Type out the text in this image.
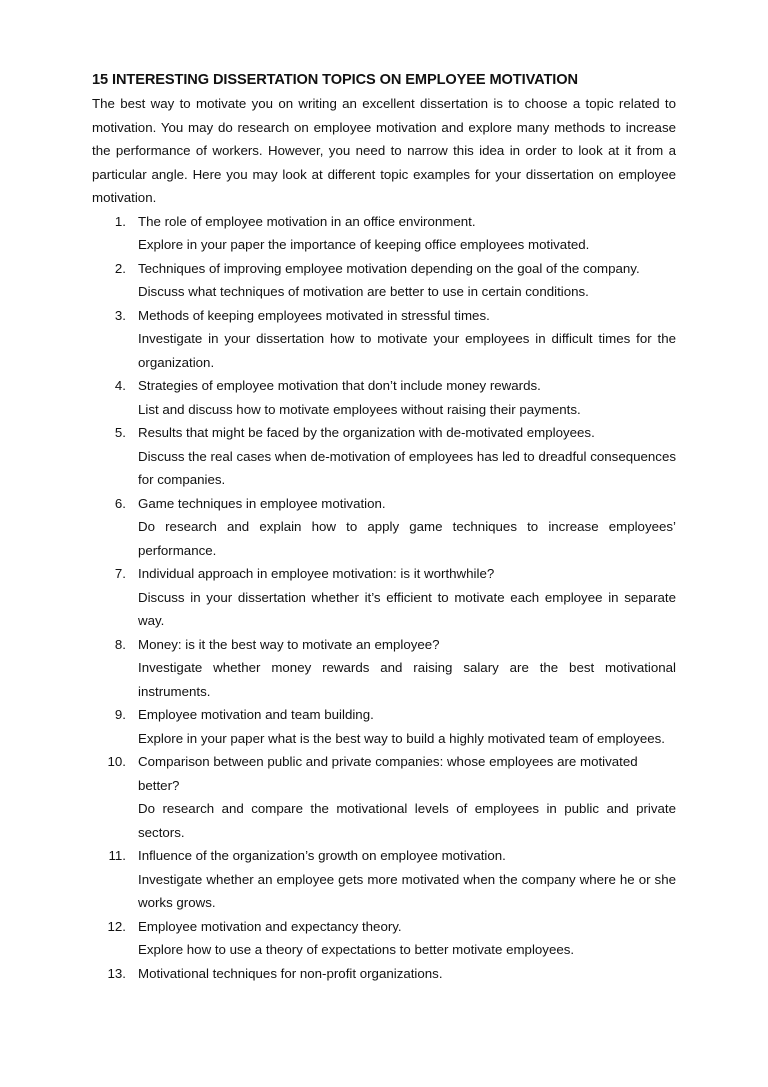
15 INTERESTING DISSERTATION TOPICS ON EMPLOYEE MOTIVATION

The best way to motivate you on writing an excellent dissertation is to choose a topic related to motivation. You may do research on employee motivation and explore many methods to increase the performance of workers. However, you need to narrow this idea in order to look at it from a particular angle. Here you may look at different topic examples for your dissertation on employee motivation.

1. The role of employee motivation in an office environment.
Explore in your paper the importance of keeping office employees motivated.
2. Techniques of improving employee motivation depending on the goal of the company.
Discuss what techniques of motivation are better to use in certain conditions.
3. Methods of keeping employees motivated in stressful times.
Investigate in your dissertation how to motivate your employees in difficult times for the organization.
4. Strategies of employee motivation that don’t include money rewards.
List and discuss how to motivate employees without raising their payments.
5. Results that might be faced by the organization with de-motivated employees.
Discuss the real cases when de-motivation of employees has led to dreadful consequences for companies.
6. Game techniques in employee motivation.
Do research and explain how to apply game techniques to increase employees’ performance.
7. Individual approach in employee motivation: is it worthwhile?
Discuss in your dissertation whether it’s efficient to motivate each employee in separate way.
8. Money: is it the best way to motivate an employee?
Investigate whether money rewards and raising salary are the best motivational instruments.
9. Employee motivation and team building.
Explore in your paper what is the best way to build a highly motivated team of employees.
10. Comparison between public and private companies: whose employees are motivated better?
Do research and compare the motivational levels of employees in public and private sectors.
11. Influence of the organization’s growth on employee motivation.
Investigate whether an employee gets more motivated when the company where he or she works grows.
12. Employee motivation and expectancy theory.
Explore how to use a theory of expectations to better motivate employees.
13. Motivational techniques for non-profit organizations.
